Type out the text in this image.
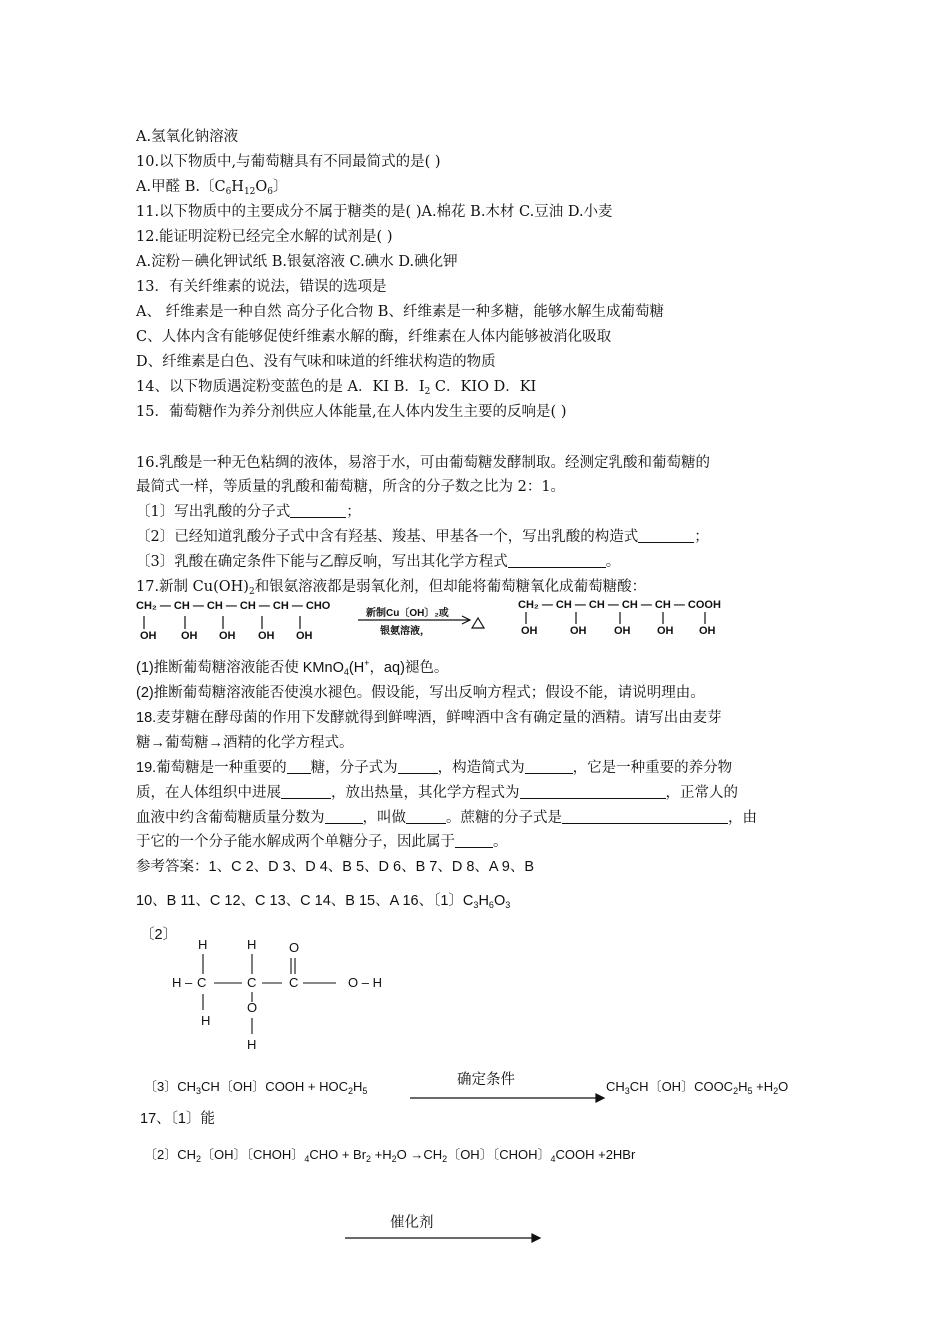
A.氢氧化钠溶液
10.以下物质中,与葡萄糖具有不同最简式的是( )
A.甲醛 B.〔$C_6H_{12}O_6$〕
11.以下物质中的主要成分不属于糖类的是( )A.棉花 B.木材 C.豆油 D.小麦
12.能证明淀粉已经完全水解的试剂是( )
A.淀粉－碘化钾试纸 B.银氨溶液 C.碘水 D.碘化钾
13．有关纤维素的说法，错误的选项是
A、 纤维素是一种自然 高分子化合物 B、纤维素是一种多糖，能够水解生成葡萄糖
C、人体内含有能够促使纤维素水解的酶，纤维素在人体内能够被消化吸取
D、纤维素是白色、没有气味和味道的纤维状构造的物质
14、以下物质遇淀粉变蓝色的是 A．KI B．$I_2$ C．KIO D．KI
15．葡萄糖作为养分剂供应人体能量,在人体内发生主要的反响是( )
16.乳酸是一种无色粘绸的液体，易溶于水，可由葡萄糖发酵制取。经测定乳酸和葡萄糖的
最简式一样，等质量的乳酸和葡萄糖，所含的分子数之比为 2：1。
〔1〕写出乳酸的分子式	；
〔2〕已经知道乳酸分子式中含有羟基、羧基、甲基各一个，写出乳酸的构造式	；
〔3〕乳酸在确定条件下能与乙醇反响，写出其化学方程式	。
17.新制 $Cu(OH)_2$和银氨溶液都是弱氧化剂，但却能将葡萄糖氧化成葡萄糖酸：
CH₂ — CH — CH — CH — CH — CHO
OH OH OH OH OH
新制Cu〔OH〕₂或
银氨溶液，
CH₂ — CH — CH — CH — CH — COOH
OH	OH	OH OH OH
(1)推断葡萄糖溶液能否使 KMnO$_4$(H+，aq)褪色。
(2)推断葡萄糖溶液能否使溴水褪色。假设能，写出反响方程式；假设不能，请说明理由。
18.麦芽糖在酵母菌的作用下发酵就得到鲜啤酒，鲜啤酒中含有确定量的酒精。请写出由麦芽
糖→葡萄糖→酒精的化学方程式。
19.葡萄糖是一种重要的 糖，分子式为	，构造简式为	，它是一种重要的养分物
质，在人体组织中进展	，放出热量，其化学方程式为	，正常人的
血液中约含葡萄糖质量分数为	，叫做	。蔗糖的分子式是	，由
于它的一个分子能水解成两个单糖分子，因此属于	。
参考答案：1、C 2、D 3、D 4、B 5、D 6、B 7、D 8、A 9、B
10、B 11、C 12、C 13、C 14、B 15、A 16、〔1〕$C_3H_6O_3$
〔2〕
H	H	O
H – C	C	C	O – H
H
O
H
〔3〕$CH_3CH$〔OH〕COOH + $HOC_2H_5$
确定条件	$CH_3CH$〔OH〕$COOC_2H_5 +H_2O$
17、〔1〕能
〔2〕$CH_2$〔OH〕〔CHOH〕$_4CHO + Br_2 +H_2O \to CH_2$〔OH〕〔CHOH〕$_4$COOH +2HBr
催化剂
